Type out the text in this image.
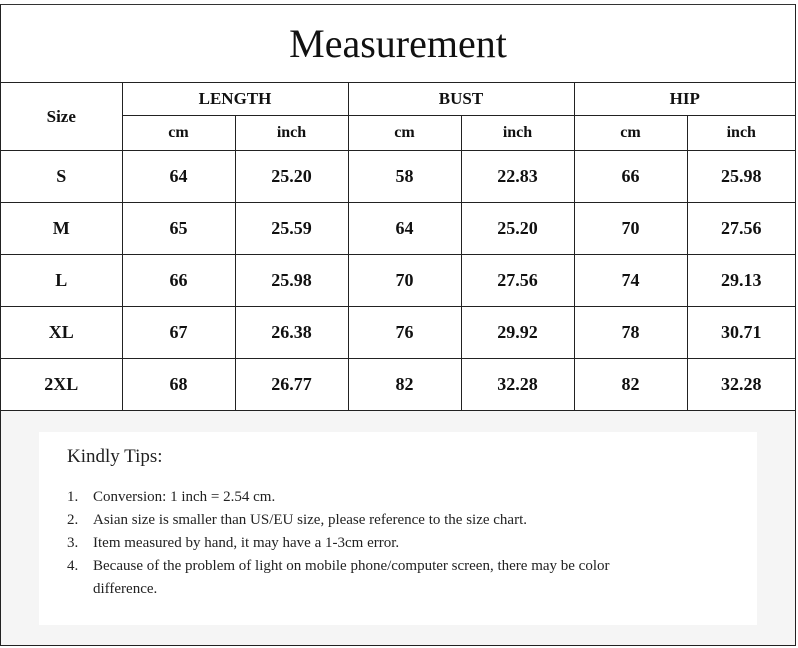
Measurement
Size	LENGTH		BUST		HIP	
	cm	inch	cm	inch	cm	inch
S	64	25.20	58	22.83	66	25.98
M	65	25.59	64	25.20	70	27.56
L	66	25.98	70	27.56	74	29.13
XL	67	26.38	76	29.92	78	30.71
2XL	68	26.77	82	32.28	82	32.28
Kindly Tips:
1. Conversion: 1 inch = 2.54 cm.
2. Asian size is smaller than US/EU size, please reference to the size chart.
3. Item measured by hand, it may have a 1-3cm error.
4. Because of the problem of light on mobile phone/computer screen, there may be color difference.
